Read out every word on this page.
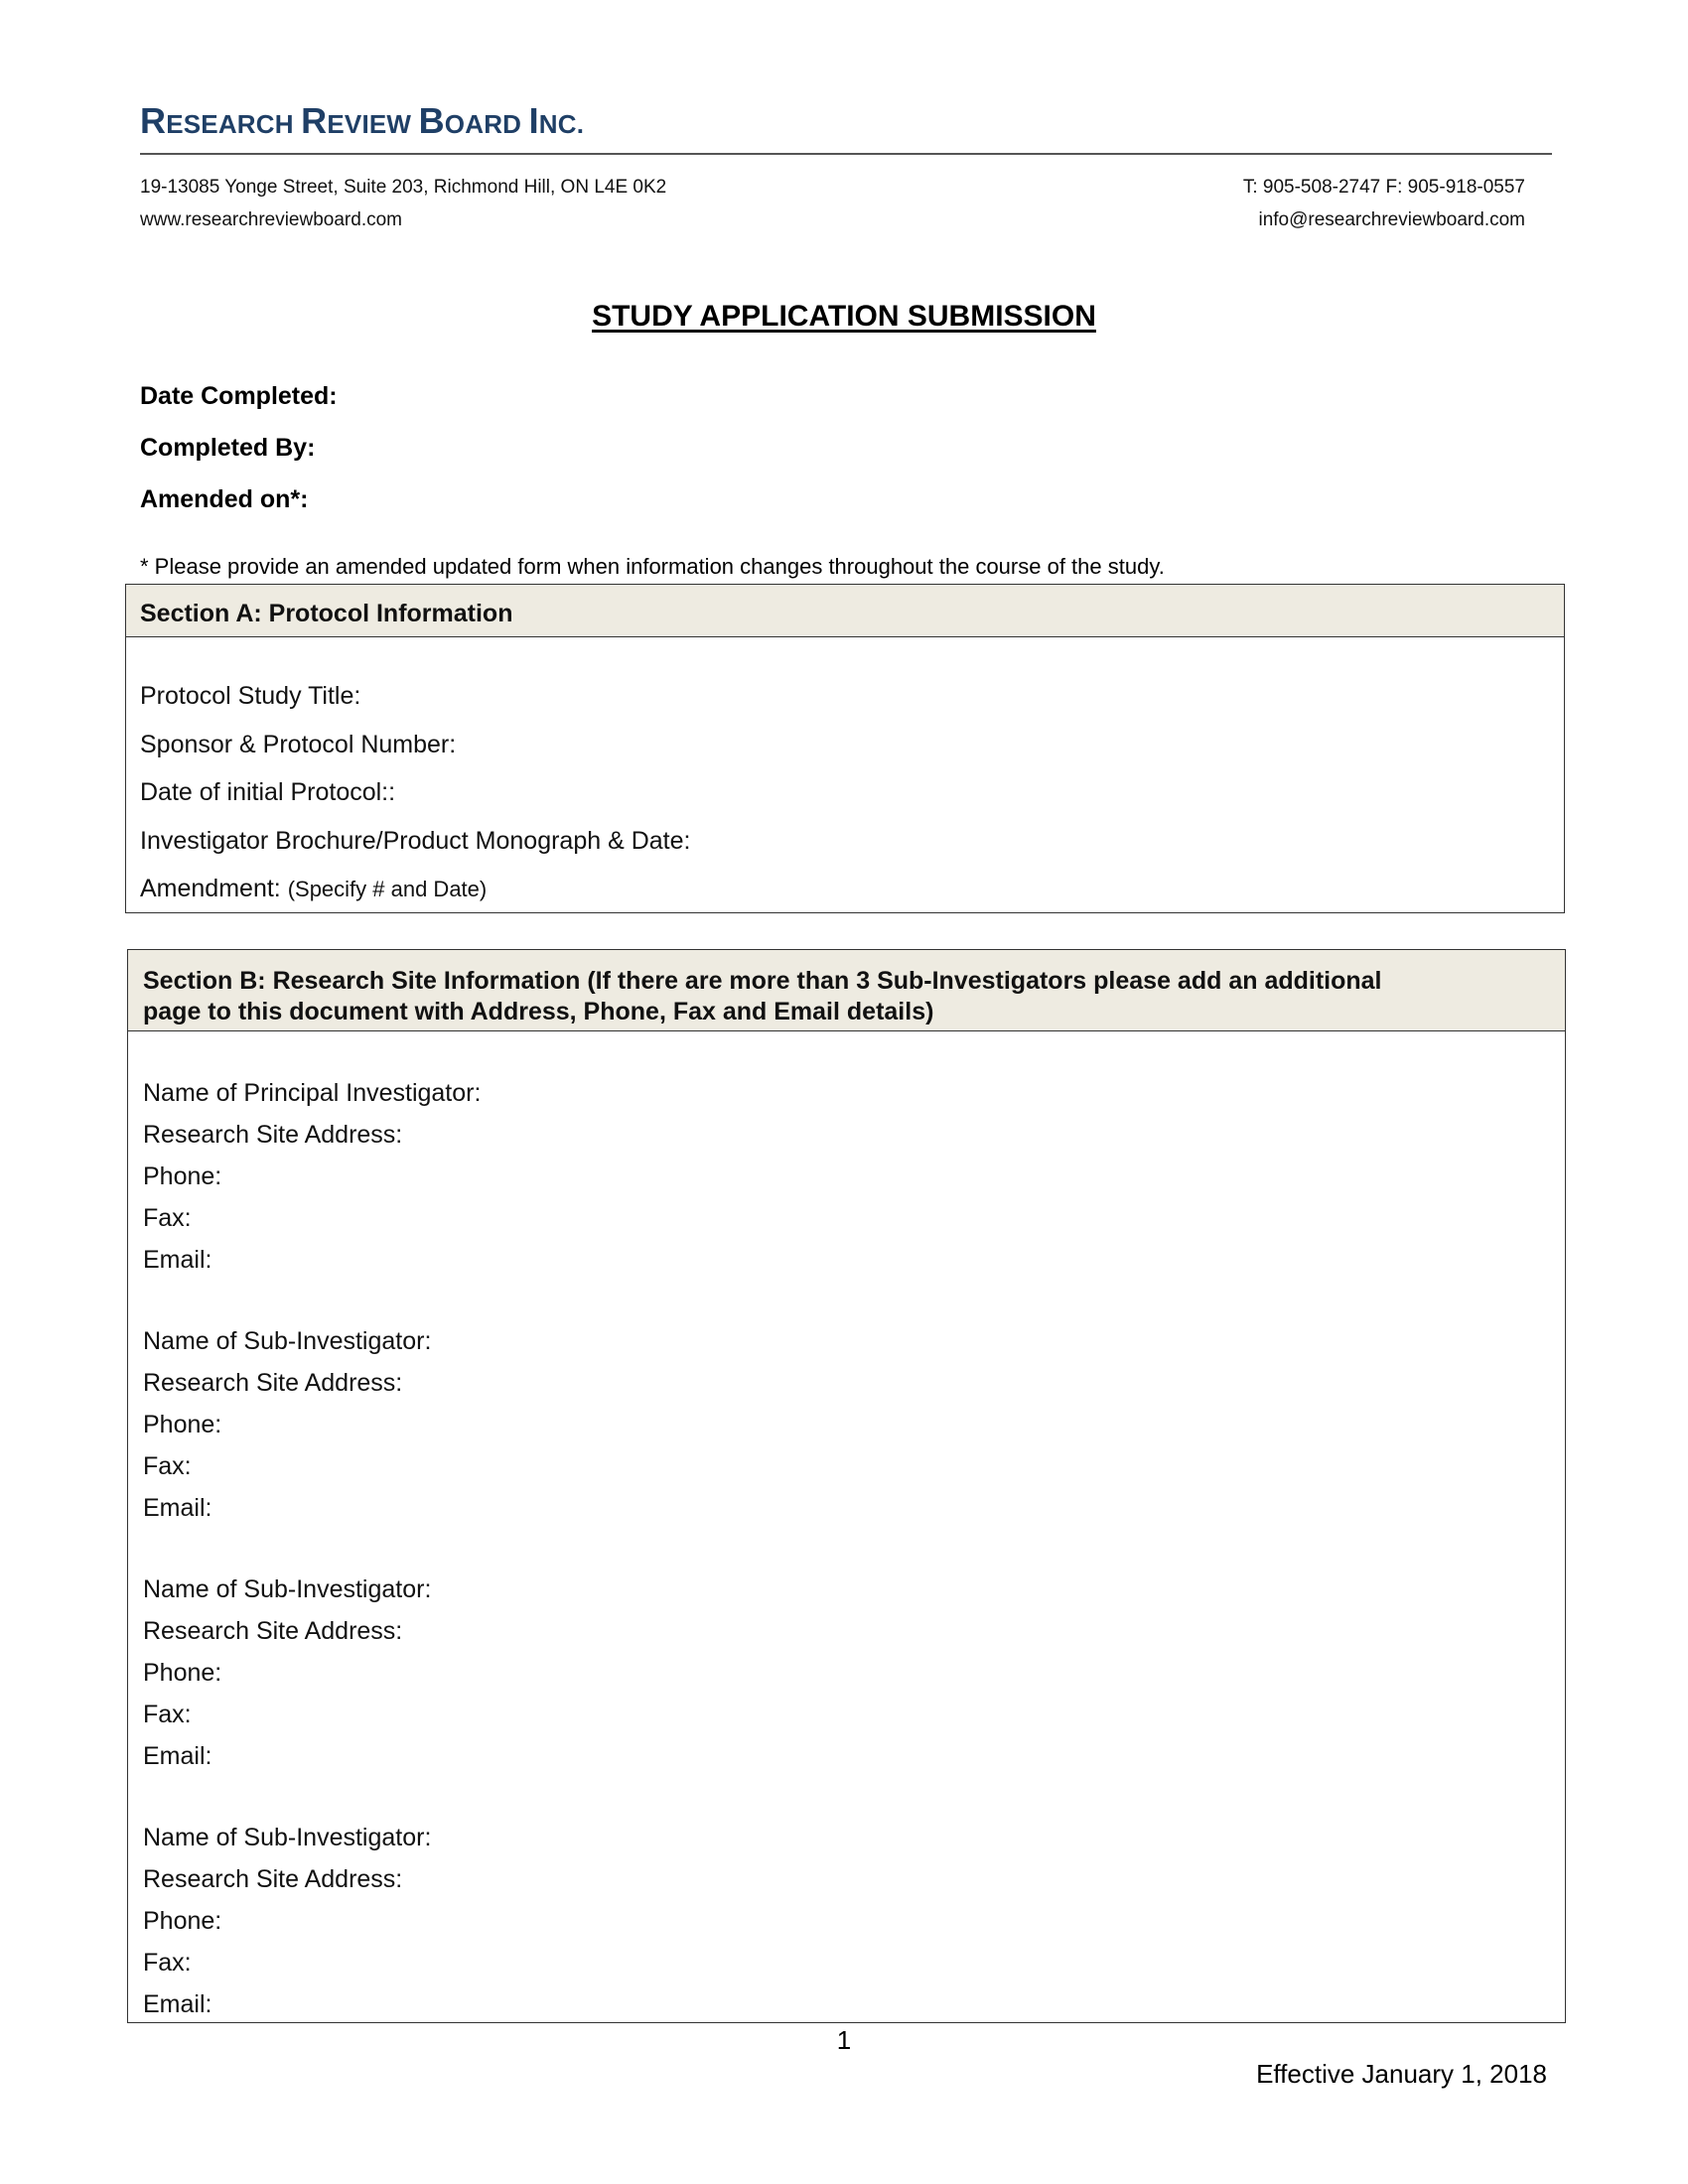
RESEARCH REVIEW BOARD INC.
19-13085 Yonge Street, Suite 203, Richmond Hill, ON L4E 0K2
www.researchreviewboard.com
T: 905-508-2747 F: 905-918-0557
info@researchreviewboard.com
STUDY APPLICATION SUBMISSION
Date Completed:
Completed By:
Amended on*:
* Please provide an amended updated form when information changes throughout the course of the study.
Section A: Protocol Information
Protocol Study Title:
Sponsor & Protocol Number:
Date of initial Protocol::
Investigator Brochure/Product Monograph & Date:
Amendment: (Specify # and Date)
Section B: Research Site Information (If there are more than 3 Sub-Investigators please add an additional
page to this document with Address, Phone, Fax and Email details)
Name of Principal Investigator:
Research Site Address:
Phone:
Fax:
Email:
Name of Sub-Investigator:
Research Site Address:
Phone:
Fax:
Email:
Name of Sub-Investigator:
Research Site Address:
Phone:
Fax:
Email:
Name of Sub-Investigator:
Research Site Address:
Phone:
Fax:
Email:
1
Effective January 1, 2018
